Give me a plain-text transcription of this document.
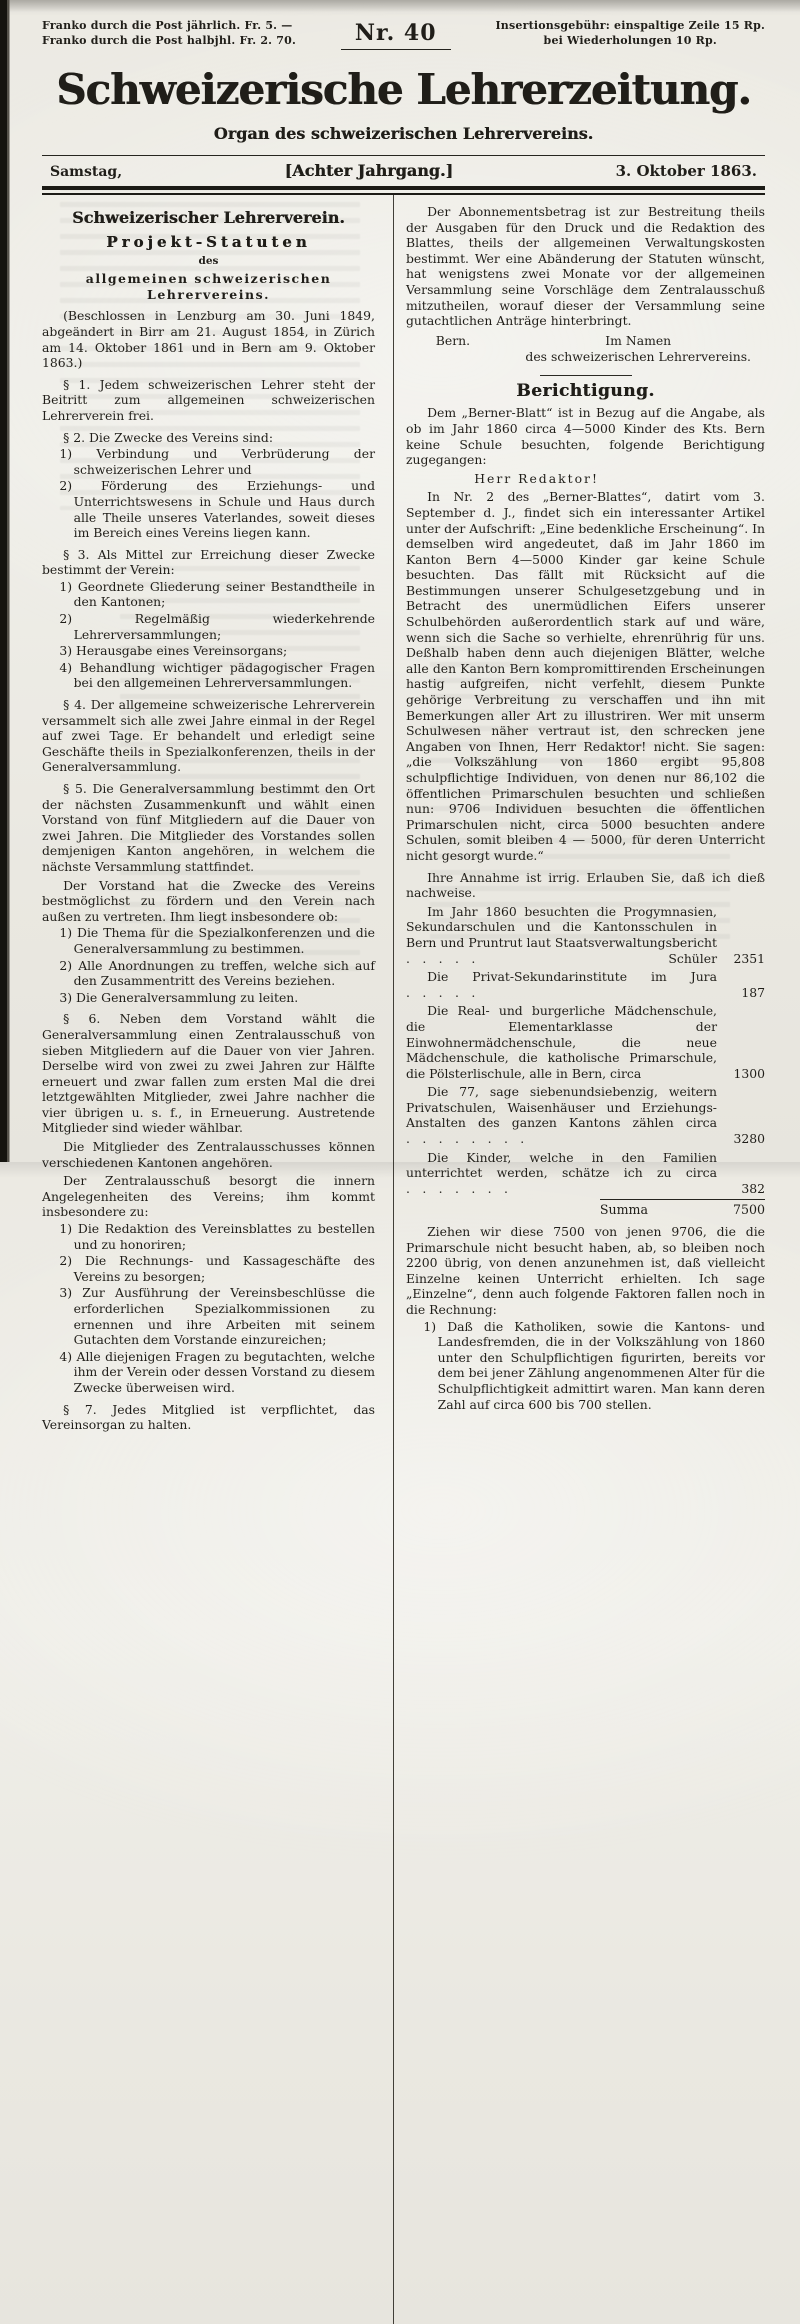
Franko durch die Post jährlich. Fr. 5. —
Franko durch die Post halbjhl. Fr. 2. 70.	Nr. 40	Insertionsgebühr: einspaltige Zeile 15 Rp.
bei Wiederholungen 10 Rp.
Schweizerische Lehrerzeitung.
Organ des schweizerischen Lehrervereins.
Samstag,	[Achter Jahrgang.]	3. Oktober 1863.
Schweizerischer Lehrerverein.
Projekt-Statuten
des
allgemeinen schweizerischen Lehrervereins.

(Beschlossen in Lenzburg am 30. Juni 1849, abgeändert in Birr am 21. August 1854, in Zürich am 14. Oktober 1861 und in Bern am 9. Oktober 1863.)

§ 1. Jedem schweizerischen Lehrer steht der Beitritt zum allgemeinen schweizerischen Lehrerverein frei.

§ 2. Die Zwecke des Vereins sind:

1) Verbindung und Verbrüderung der schweizerischen Lehrer und

2) Förderung des Erziehungs- und Unterrichtswesens in Schule und Haus durch alle Theile unseres Vaterlandes, soweit dieses im Bereich eines Vereins liegen kann.

§ 3. Als Mittel zur Erreichung dieser Zwecke bestimmt der Verein:

1) Geordnete Gliederung seiner Bestandtheile in den Kantonen;

2) Regelmäßig wiederkehrende Lehrerversammlungen;

3) Herausgabe eines Vereinsorgans;

4) Behandlung wichtiger pädagogischer Fragen bei den allgemeinen Lehrerversammlungen.

§ 4. Der allgemeine schweizerische Lehrerverein versammelt sich alle zwei Jahre einmal in der Regel auf zwei Tage. Er behandelt und erledigt seine Geschäfte theils in Spezialkonferenzen, theils in der Generalversammlung.

§ 5. Die Generalversammlung bestimmt den Ort der nächsten Zusammenkunft und wählt einen Vorstand von fünf Mitgliedern auf die Dauer von zwei Jahren. Die Mitglieder des Vorstandes sollen demjenigen Kanton angehören, in welchem die nächste Versammlung stattfindet.

Der Vorstand hat die Zwecke des Vereins bestmöglichst zu fördern und den Verein nach außen zu vertreten. Ihm liegt insbesondere ob:

1) Die Thema für die Spezialkonferenzen und die Generalversammlung zu bestimmen.

2) Alle Anordnungen zu treffen, welche sich auf den Zusammentritt des Vereins beziehen.

3) Die Generalversammlung zu leiten.

§ 6. Neben dem Vorstand wählt die Generalversammlung einen Zentralausschuß von sieben Mitgliedern auf die Dauer von vier Jahren. Derselbe wird von zwei zu zwei Jahren zur Hälfte erneuert und zwar fallen zum ersten Mal die drei letztgewählten Mitglieder, zwei Jahre nachher die vier übrigen u. s. f., in Erneuerung. Austretende Mitglieder sind wieder wählbar.

Die Mitglieder des Zentralausschusses können verschiedenen Kantonen angehören.

Der Zentralausschuß besorgt die innern Angelegenheiten des Vereins; ihm kommt insbesondere zu:

1) Die Redaktion des Vereinsblattes zu bestellen und zu honoriren;

2) Die Rechnungs- und Kassageschäfte des Vereins zu besorgen;

3) Zur Ausführung der Vereinsbeschlüsse die erforderlichen Spezialkommissionen zu ernennen und ihre Arbeiten mit seinem Gutachten dem Vorstande einzureichen;

4) Alle diejenigen Fragen zu begutachten, welche ihm der Verein oder dessen Vorstand zu diesem Zwecke überweisen wird.

§ 7. Jedes Mitglied ist verpflichtet, das Vereinsorgan zu halten.

Der Abonnementsbetrag ist zur Bestreitung theils der Ausgaben für den Druck und die Redaktion des Blattes, theils der allgemeinen Verwaltungskosten bestimmt. Wer eine Abänderung der Statuten wünscht, hat wenigstens zwei Monate vor der allgemeinen Versammlung seine Vorschläge dem Zentralausschuß mitzutheilen, worauf dieser der Versammlung seine gutachtlichen Anträge hinterbringt.

Bern.	Im Namen
des schweizerischen Lehrervereins.
Berichtigung.

Dem „Berner-Blatt“ ist in Bezug auf die Angabe, als ob im Jahr 1860 circa 4—5000 Kinder des Kts. Bern keine Schule besuchten, folgende Berichtigung zugegangen:

Herr Redaktor!

In Nr. 2 des „Berner-Blattes“, datirt vom 3. September d. J., findet sich ein interessanter Artikel unter der Aufschrift: „Eine bedenkliche Erscheinung“. In demselben wird angedeutet, daß im Jahr 1860 im Kanton Bern 4—5000 Kinder gar keine Schule besuchten. Das fällt mit Rücksicht auf die Bestimmungen unserer Schulgesetzgebung und in Betracht des unermüdlichen Eifers unserer Schulbehörden außerordentlich stark auf und wäre, wenn sich die Sache so verhielte, ehrenrührig für uns. Deßhalb haben denn auch diejenigen Blätter, welche alle den Kanton Bern kompromittirenden Erscheinungen hastig aufgreifen, nicht verfehlt, diesem Punkte gehörige Verbreitung zu verschaffen und ihn mit Bemerkungen aller Art zu illustriren. Wer mit unserm Schulwesen näher vertraut ist, den schrecken jene Angaben von Ihnen, Herr Redaktor! nicht. Sie sagen: „die Volkszählung von 1860 ergibt 95,808 schulpflichtige Individuen, von denen nur 86,102 die öffentlichen Primarschulen besuchten und schließen nun: 9706 Individuen besuchten die öffentlichen Primarschulen nicht, circa 5000 besuchten andere Schulen, somit bleiben 4 — 5000, für deren Unterricht nicht gesorgt wurde.“

Ihre Annahme ist irrig. Erlauben Sie, daß ich dieß nachweise.

Im Jahr 1860 besuchten die Progymnasien, Sekundarschulen und die Kantonsschulen in Bern und Pruntrut laut Staatsverwaltungsbericht . . . . .	Schüler 2351
Die Privat-Sekundarinstitute im Jura . . . . .	187
Die Real- und burgerliche Mädchenschule, die Elementarklasse der Einwohnermädchenschule, die neue Mädchenschule, die katholische Primarschule, die Pölsterlischule, alle in Bern, circa	1300
Die 77, sage siebenundsiebenzig, weitern Privatschulen, Waisenhäuser und Erziehungs-Anstalten des ganzen Kantons zählen circa . . . . . . . .	3280
Die Kinder, welche in den Familien unterrichtet werden, schätze ich zu circa . . . . . . .	382
Summa	7500

Ziehen wir diese 7500 von jenen 9706, die die Primarschule nicht besucht haben, ab, so bleiben noch 2200 übrig, von denen anzunehmen ist, daß vielleicht Einzelne keinen Unterricht erhielten. Ich sage „Einzelne“, denn auch folgende Faktoren fallen noch in die Rechnung:

1) Daß die Katholiken, sowie die Kantons- und Landesfremden, die in der Volkszählung von 1860 unter den Schulpflichtigen figurirten, bereits vor dem bei jener Zählung angenommenen Alter für die Schulpflichtigkeit admittirt waren. Man kann deren Zahl auf circa 600 bis 700 stellen.
